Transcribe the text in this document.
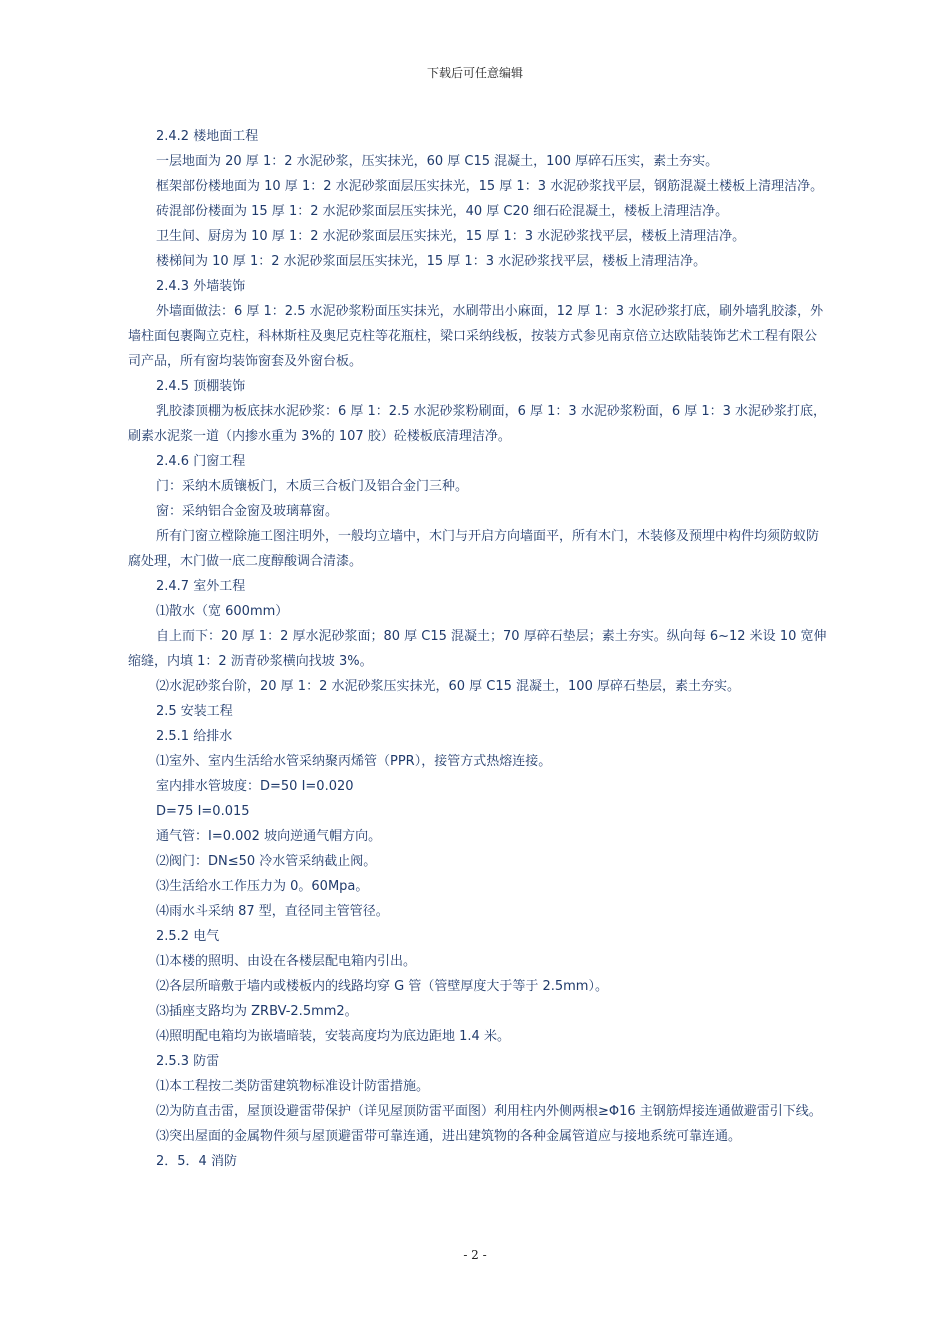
下载后可任意编辑

2.4.2 楼地面工程

一层地面为 20 厚 1：2 水泥砂浆，压实抹光，60 厚 C15 混凝土，100 厚碎石压实，素土夯实。

框架部份楼地面为 10 厚 1：2 水泥砂浆面层压实抹光，15 厚 1：3 水泥砂浆找平层，钢筋混凝土楼板上清理洁净。

砖混部份楼面为 15 厚 1：2 水泥砂浆面层压实抹光，40 厚 C20 细石砼混凝土，楼板上清理洁净。

卫生间、厨房为 10 厚 1：2 水泥砂浆面层压实抹光，15 厚 1：3 水泥砂浆找平层，楼板上清理洁净。

楼梯间为 10 厚 1：2 水泥砂浆面层压实抹光，15 厚 1：3 水泥砂浆找平层，楼板上清理洁净。

2.4.3 外墙装饰

外墙面做法：6 厚 1：2.5 水泥砂浆粉面压实抹光，水刷带出小麻面，12 厚 1：3 水泥砂浆打底，刷外墙乳胶漆，外墙柱面包裹陶立克柱，科林斯柱及奥尼克柱等花瓶柱，梁口采纳线板，按装方式参见南京倍立达欧陆装饰艺术工程有限公司产品，所有窗均装饰窗套及外窗台板。

2.4.5 顶棚装饰

乳胶漆顶棚为板底抹水泥砂浆：6 厚 1：2.5 水泥砂浆粉刷面，6 厚 1：3 水泥砂浆粉面，6 厚 1：3 水泥砂浆打底，刷素水泥浆一道（内掺水重为 3%的 107 胶）砼楼板底清理洁净。

2.4.6 门窗工程

门：采纳木质镶板门，木质三合板门及铝合金门三种。

窗：采纳铝合金窗及玻璃幕窗。

所有门窗立樘除施工图注明外，一般均立墙中，木门与开启方向墙面平，所有木门，木装修及预埋中构件均须防蚁防腐处理，木门做一底二度醇酸调合清漆。

2.4.7 室外工程

⑴散水（宽 600mm）

自上而下：20 厚 1：2 厚水泥砂浆面；80 厚 C15 混凝土；70 厚碎石垫层；素土夯实。纵向每 6~12 米设 10 宽伸缩缝，内填 1：2 沥青砂浆横向找坡 3%。

⑵水泥砂浆台阶，20 厚 1：2 水泥砂浆压实抹光，60 厚 C15 混凝土，100 厚碎石垫层，素土夯实。

2.5 安装工程

2.5.1 给排水

⑴室外、室内生活给水管采纳聚丙烯管（PPR），接管方式热熔连接。

室内排水管坡度：D=50 I=0.020

D=75 I=0.015

通气管：I=0.002 坡向逆通气帽方向。

⑵阀门：DN≤50 冷水管采纳截止阀。

⑶生活给水工作压力为 0。60Mpa。

⑷雨水斗采纳 87 型，直径同主管管径。

2.5.2 电气

⑴本楼的照明、由设在各楼层配电箱内引出。

⑵各层所暗敷于墙内或楼板内的线路均穿 G 管（管壁厚度大于等于 2.5mm）。

⑶插座支路均为 ZRBV-2.5mm2。

⑷照明配电箱均为嵌墙暗装，安装高度均为底边距地 1.4 米。

2.5.3 防雷

⑴本工程按二类防雷建筑物标准设计防雷措施。

⑵为防直击雷，屋顶设避雷带保护（详见屋顶防雷平面图）利用柱内外侧两根≥Φ16 主钢筋焊接连通做避雷引下线。

⑶突出屋面的金属物件须与屋顶避雷带可靠连通，进出建筑物的各种金属管道应与接地系统可靠连通。

2．5．4 消防

- 2 -
